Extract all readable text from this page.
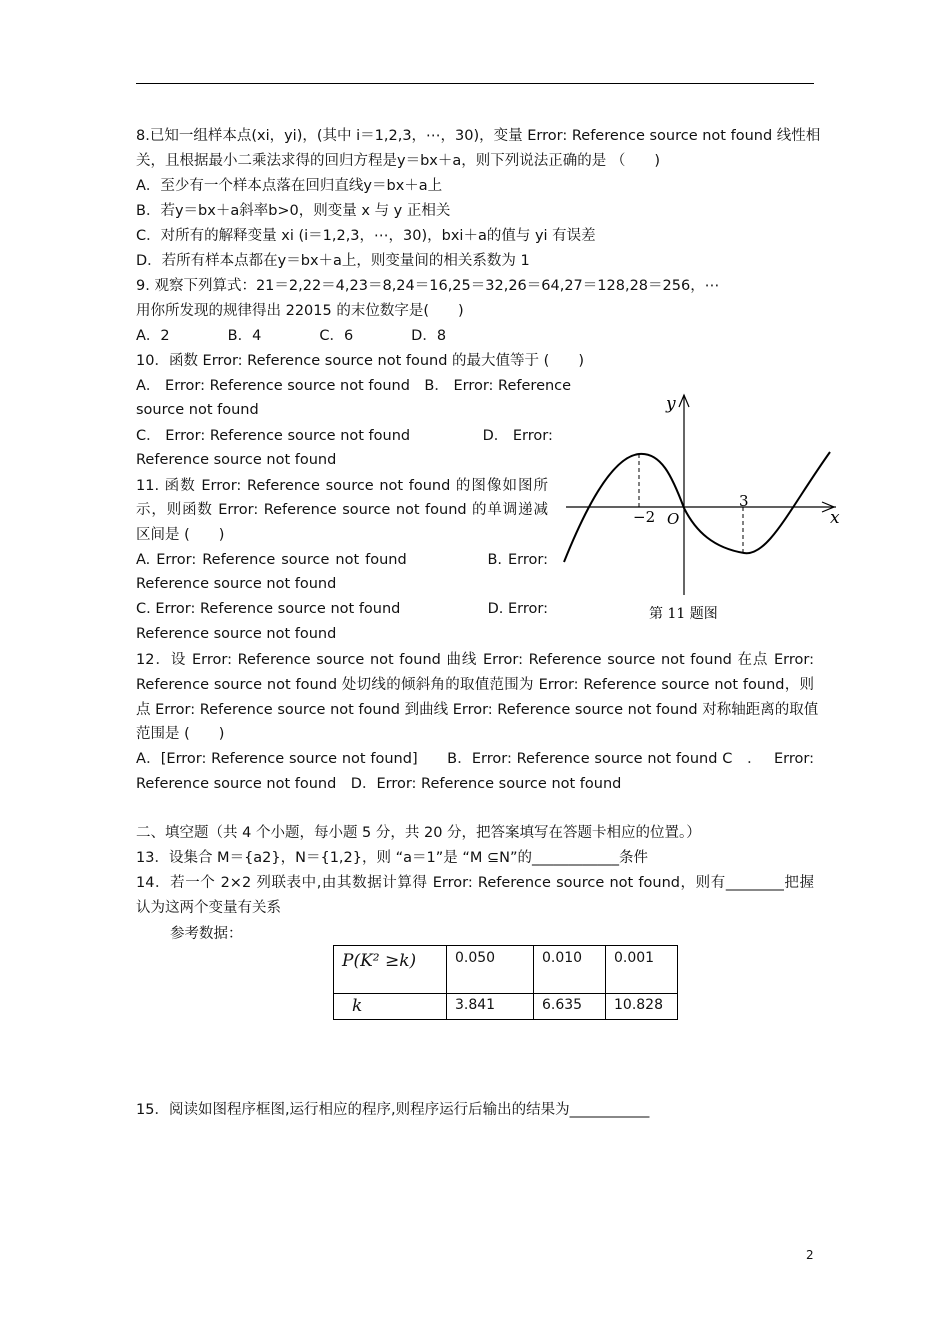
8.已知一组样本点(xi，yi)，(其中 i＝1,2,3，⋯，30)，变量 Error: Reference source not found 线性相
关，且根据最小二乘法求得的回归方程是y＝bx＋a，则下列说法正确的是 （　　)
A．至少有一个样本点落在回归直线y＝bx＋a上
B．若y＝bx＋a斜率b>0，则变量 x 与 y 正相关
C．对所有的解释变量 xi (i＝1,2,3，⋯，30)，bxi＋a的值与 yi 有误差
D．若所有样本点都在y＝bx＋a上，则变量间的相关系数为 1
9. 观察下列算式：21＝2,22＝4,23＝8,24＝16,25＝32,26＝64,27＝128,28＝256，⋯
用你所发现的规律得出 22015 的末位数字是(　　)
A．2　　　　B．4　　　　C．6　　　　D．8
10．函数 Error: Reference source not found 的最大值等于 (　　)
A． Error: Reference source not found　B． Error: Reference
source not found
C． Error: Reference source not found　　　　　D． Error:
Reference source not found
11. 函数 Error: Reference source not found 的图像如图所
示，则函数 Error: Reference source not found 的单调递减
区间是 (　　)
A. Error: Reference source not found　　　　　B. Error:
Reference source not found
C. Error: Reference source not found　　　　　　D. Error:
Reference source not found
y
x
O
−2
3
第 11 题图
12．设 Error: Reference source not found 曲线 Error: Reference source not found 在点 Error:
Reference source not found 处切线的倾斜角的取值范围为 Error: Reference source not found，则
点 Error: Reference source not found 到曲线 Error: Reference source not found 对称轴距离的取值
范围是 (　　)
A．[Error: Reference source not found]　　B．Error: Reference source not found C　．　 Error:
Reference source not found　D．Error: Reference source not found
二、填空题（共 4 个小题，每小题 5 分，共 20 分，把答案填写在答题卡相应的位置。）
13．设集合 M＝{a2}，N＝{1,2}，则 “a＝1”是 “M ⊆N”的____________条件
14．若一个 2×2 列联表中,由其数据计算得 Error: Reference source not found，则有________把握
认为这两个变量有关系
参考数据：
P(K² ≥k)	0.050	0.010	0.001
k	3.841	6.635	10.828
15．阅读如图程序框图,运行相应的程序,则程序运行后输出的结果为___________
2
